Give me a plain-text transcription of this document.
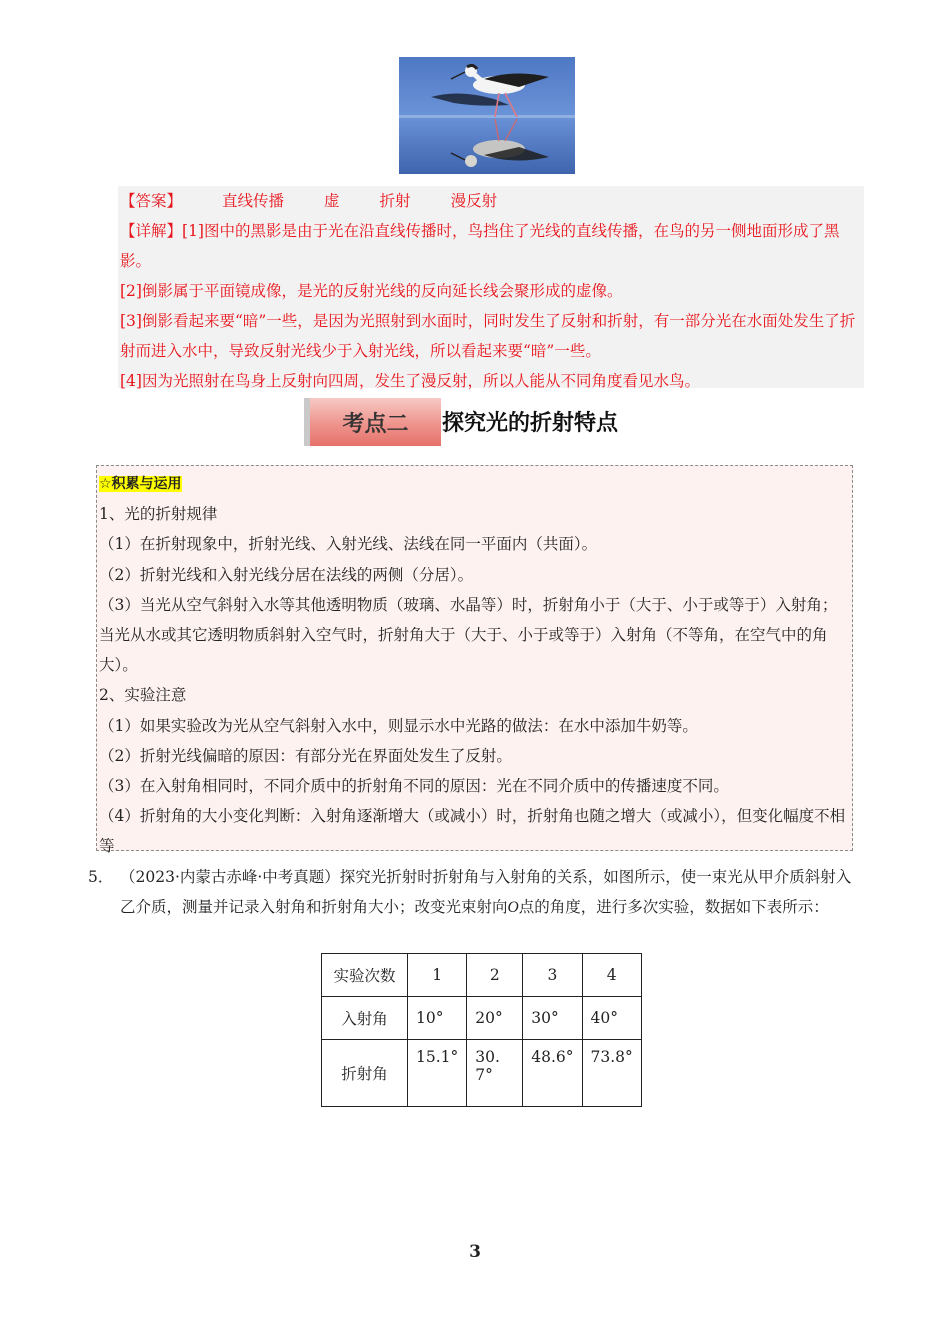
【答案】	直线传播	虚	折射	漫反射

【详解】[1]图中的黑影是由于光在沿直线传播时，鸟挡住了光线的直线传播，在鸟的另一侧地面形成了黑影。

[2]倒影属于平面镜成像，是光的反射光线的反向延长线会聚形成的虚像。

[3]倒影看起来要“暗”一些，是因为光照射到水面时，同时发生了反射和折射，有一部分光在水面处发生了折射而进入水中，导致反射光线少于入射光线，所以看起来要“暗”一些。

[4]因为光照射在鸟身上反射向四周，发生了漫反射，所以人能从不同角度看见水鸟。

考点二	探究光的折射特点

☆积累与运用

1、光的折射规律

（1）在折射现象中，折射光线、入射光线、法线在同一平面内（共面）。

（2）折射光线和入射光线分居在法线的两侧（分居）。

（3）当光从空气斜射入水等其他透明物质（玻璃、水晶等）时，折射角小于（大于、小于或等于）入射角；当光从水或其它透明物质斜射入空气时，折射角大于（大于、小于或等于）入射角（不等角，在空气中的角大）。

2、实验注意

（1）如果实验改为光从空气斜射入水中，则显示水中光路的做法：在水中添加牛奶等。

（2）折射光线偏暗的原因：有部分光在界面处发生了反射。

（3）在入射角相同时，不同介质中的折射角不同的原因：光在不同介质中的传播速度不同。

（4）折射角的大小变化判断：入射角逐渐增大（或减小）时，折射角也随之增大（或减小），但变化幅度不相等

5． （2023·内蒙古赤峰·中考真题）探究光折射时折射角与入射角的关系，如图所示，使一束光从甲介质斜射入乙介质，测量并记录入射角和折射角大小；改变光束射向O点的角度，进行多次实验，数据如下表所示：
实验次数	1	2	3	4
入射角	10°	20°	30°	40°
折射角	15.1°	30.7°	48.6°	73.8°
3
